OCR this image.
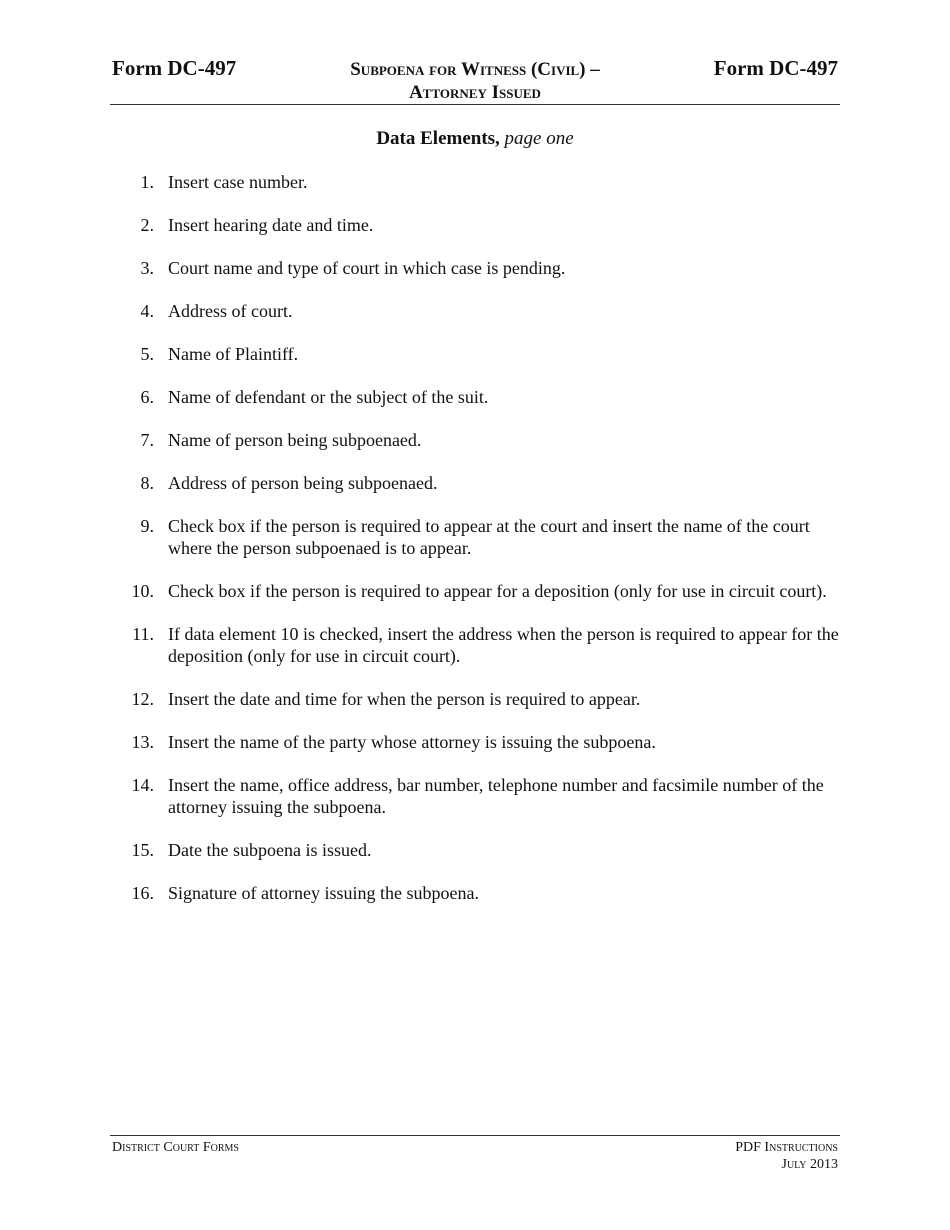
Form DC-497	Subpoena for Witness (Civil) –
Attorney Issued
Form DC-497
Data Elements, page one
1. Insert case number.
2. Insert hearing date and time.
3. Court name and type of court in which case is pending.
4. Address of court.
5. Name of Plaintiff.
6. Name of defendant or the subject of the suit.
7. Name of person being subpoenaed.
8. Address of person being subpoenaed.
9. Check box if the person is required to appear at the court and insert the name of the court where the person subpoenaed is to appear.
10. Check box if the person is required to appear for a deposition (only for use in circuit court).
11. If data element 10 is checked, insert the address when the person is required to appear for the deposition (only for use in circuit court).
12. Insert the date and time for when the person is required to appear.
13. Insert the name of the party whose attorney is issuing the subpoena.
14. Insert the name, office address, bar number, telephone number and facsimile number of the attorney issuing the subpoena.
15. Date the subpoena is issued.
16. Signature of attorney issuing the subpoena.
District Court Forms	PDF Instructions
July 2013
